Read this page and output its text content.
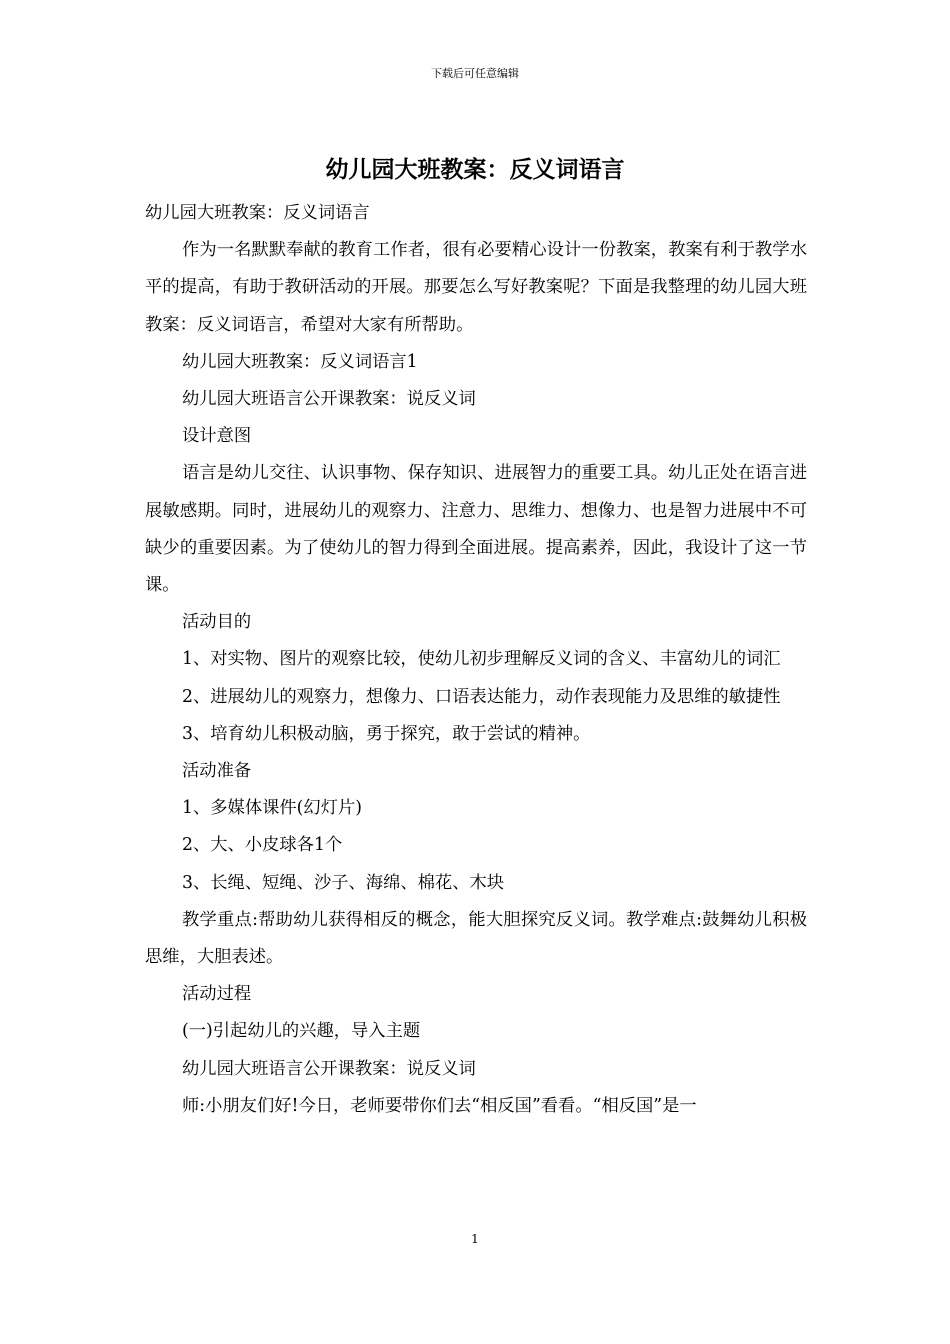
下载后可任意编辑
幼儿园大班教案：反义词语言

幼儿园大班教案：反义词语言

作为一名默默奉献的教育工作者，很有必要精心设计一份教案，教案有利于教学水平的提高，有助于教研活动的开展。那要怎么写好教案呢？下面是我整理的幼儿园大班教案：反义词语言，希望对大家有所帮助。

幼儿园大班教案：反义词语言1

幼儿园大班语言公开课教案：说反义词

设计意图

语言是幼儿交往、认识事物、保存知识、进展智力的重要工具。幼儿正处在语言进展敏感期。同时，进展幼儿的观察力、注意力、思维力、想像力、也是智力进展中不可缺少的重要因素。为了使幼儿的智力得到全面进展。提高素养，因此，我设计了这一节课。

活动目的

1、对实物、图片的观察比较，使幼儿初步理解反义词的含义、丰富幼儿的词汇

2、进展幼儿的观察力，想像力、口语表达能力，动作表现能力及思维的敏捷性

3、培育幼儿积极动脑，勇于探究，敢于尝试的精神。

活动准备

1、多媒体课件(幻灯片)

2、大、小皮球各1个

3、长绳、短绳、沙子、海绵、棉花、木块

教学重点:帮助幼儿获得相反的概念，能大胆探究反义词。教学难点:鼓舞幼儿积极思维，大胆表述。

活动过程

(一)引起幼儿的兴趣，导入主题

幼儿园大班语言公开课教案：说反义词

师:小朋友们好!今日，老师要带你们去“相反国”看看。“相反国”是一

1
